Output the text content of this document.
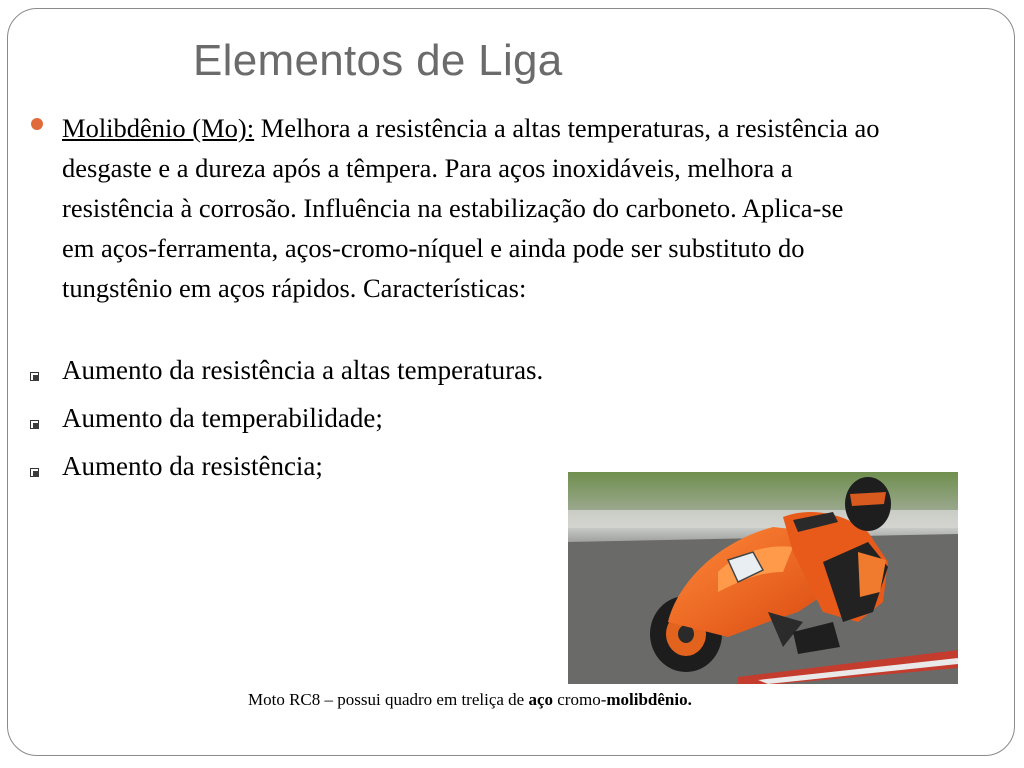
Elementos de Liga
Molibdênio (Mo): Melhora a resistência a altas temperaturas, a resistência ao desgaste e a dureza após a têmpera. Para aços inoxidáveis, melhora a resistência à corrosão. Influência na estabilização do carboneto. Aplica-se em aços-ferramenta, aços-cromo-níquel e ainda pode ser substituto do tungstênio em aços rápidos. Características:
Aumento da resistência a altas temperaturas.
Aumento da temperabilidade;
Aumento da resistência;
Moto RC8 – possui quadro em treliça de aço cromo-molibdênio.
